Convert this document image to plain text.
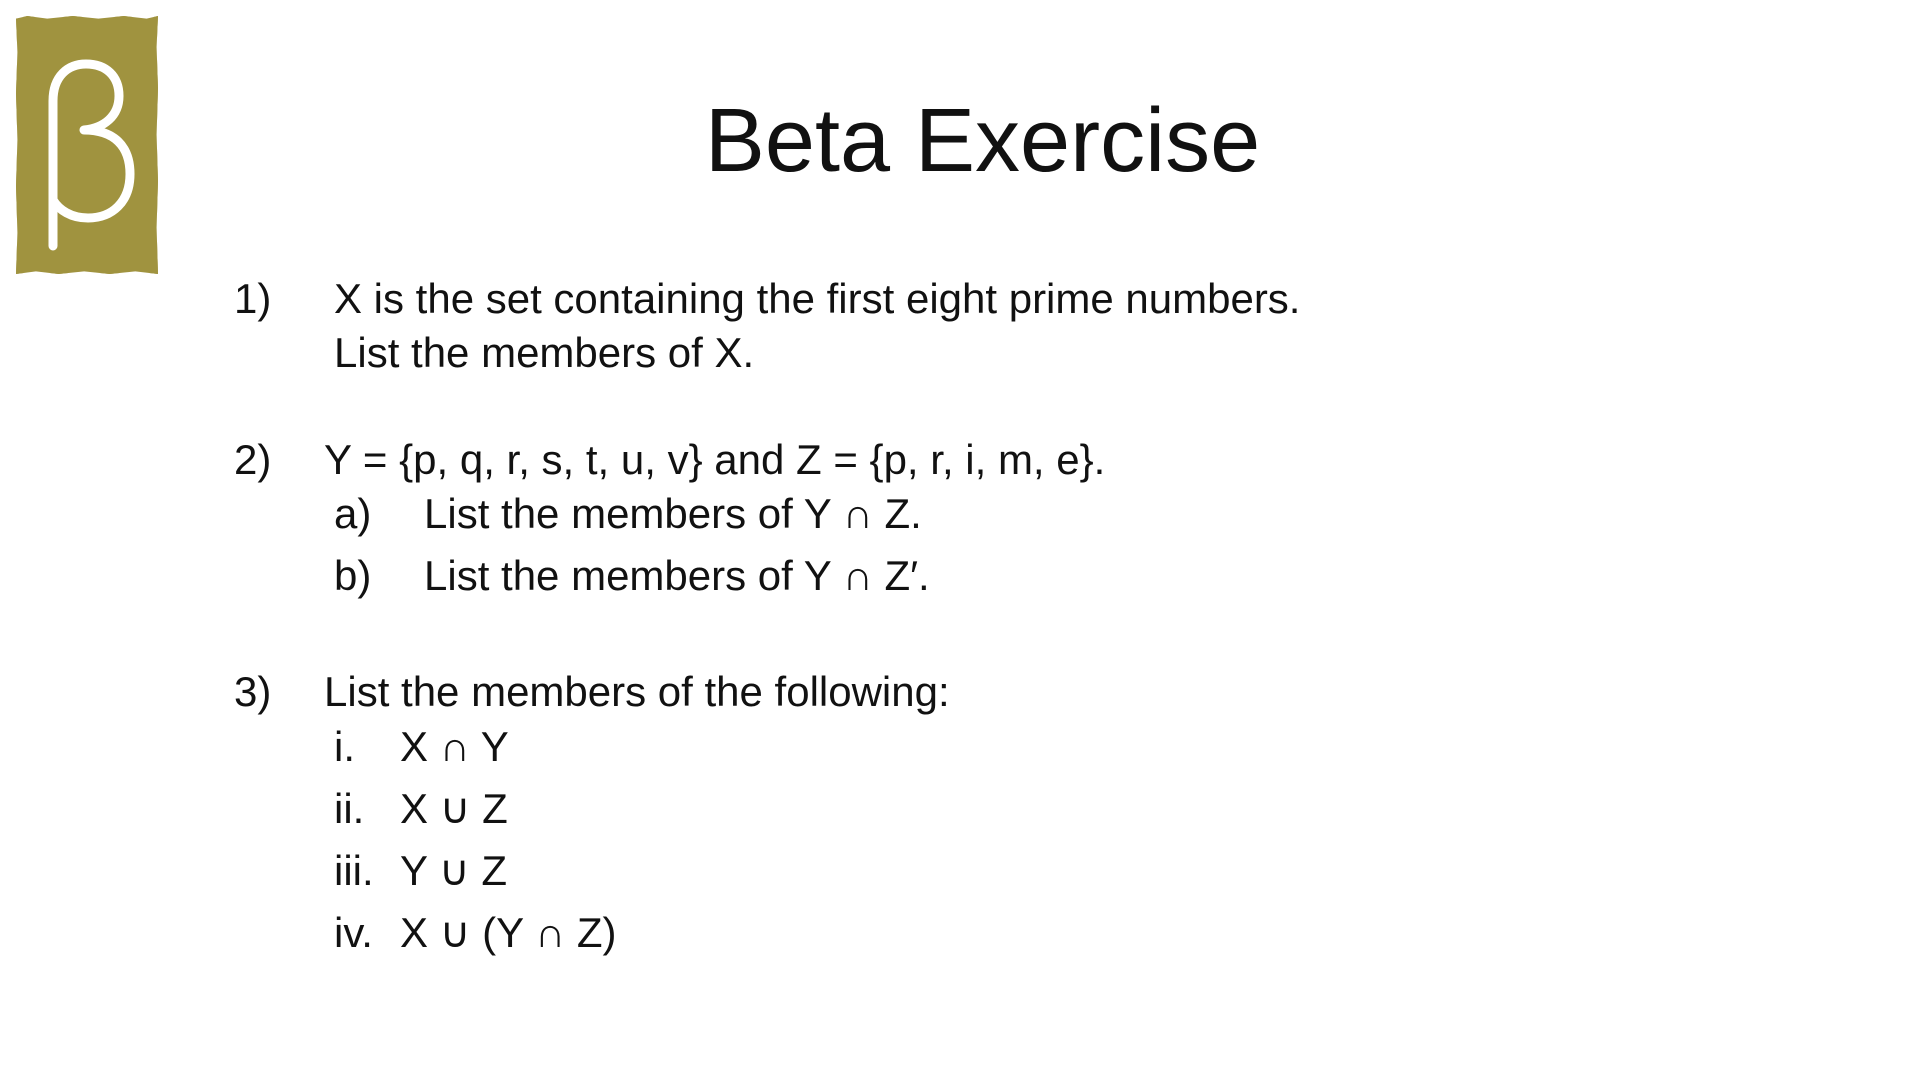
Beta Exercise
1) X is the set containing the first eight prime numbers.
List the members of X.
2) Y = {p, q, r, s, t, u, v} and Z = {p, r, i, m, e}.
a) List the members of Y ∩ Z.
b) List the members of Y ∩ Z′.
3) List the members of the following:
i. X ∩ Y
ii. X ∪ Z
iii. Y ∪ Z
iv. X ∪ (Y ∩ Z)
